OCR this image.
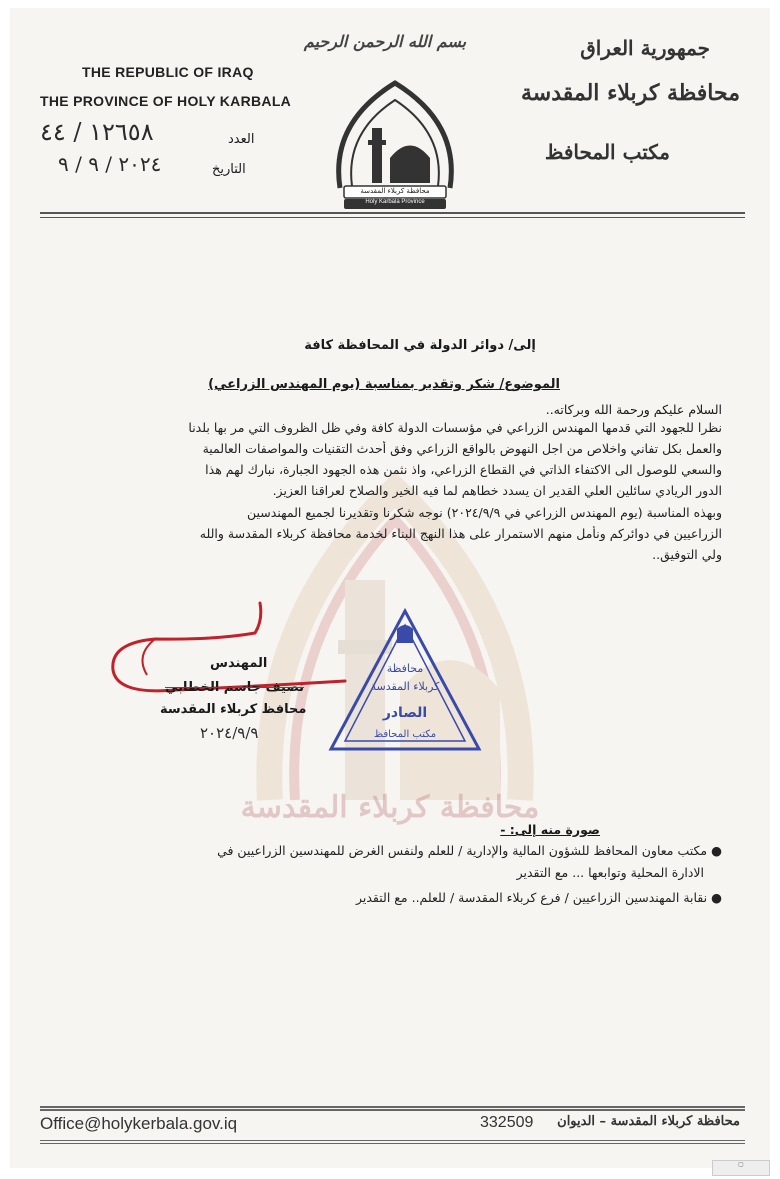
محافظة كربلاء المقدسة
بسم الله الرحمن الرحيم
THE REPUBLIC OF IRAQ
THE PROVINCE OF HOLY KARBALA
جمهورية العراق
محافظة كربلاء المقدسة
مكتب المحافظ
العدد
١٢٦٥٨ / ٤٤
التاريخ
٢٠٢٤ / ٩ / ٩
محافظة كربلاء المقدسة
Holy Karbala Province
إلى/ دوائر الدولة في المحافظة كافة
الموضوع/ شكر وتقدير بمناسبة (يوم المهندس الزراعي)
السلام عليكم ورحمة الله وبركاته..
نظرا للجهود التي قدمها المهندس الزراعي في مؤسسات الدولة كافة وفي ظل الظروف التي مر بها بلدنا
والعمل بكل تفاني واخلاص من اجل النهوض بالواقع الزراعي وفق أحدث التقنيات والمواصفات العالمية
والسعي للوصول الى الاكتفاء الذاتي في القطاع الزراعي، واذ نثمن هذه الجهود الجبارة، نبارك لهم هذا
الدور الريادي سائلين العلي القدير ان يسدد خطاهم لما فيه الخير والصلاح لعراقنا العزيز.
وبهذه المناسبة (يوم المهندس الزراعي في ٢٠٢٤/٩/٩) نوجه شكرنا وتقديرنا لجميع المهندسين
الزراعيين في دوائركم ونأمل منهم الاستمرار على هذا النهج البناء لخدمة محافظة كربلاء المقدسة والله
ولي التوفيق..
المهندس
نصيف جاسم الخطابي
محافظ كربلاء المقدسة
٢٠٢٤/٩/٩
محافظة
كربلاء المقدسة
الصادر
مكتب المحافظ
صورة منه إلى: -
● مكتب معاون المحافظ للشؤون المالية والإدارية / للعلم ولنفس الغرض للمهندسين الزراعيين في
الادارة المحلية وتوابعها ... مع التقدير
● نقابة المهندسين الزراعيين / فرع كربلاء المقدسة / للعلم.. مع التقدير
Office@holykerbala.gov.iq	332509 محافظة كربلاء المقدسة – الديوان
▢
